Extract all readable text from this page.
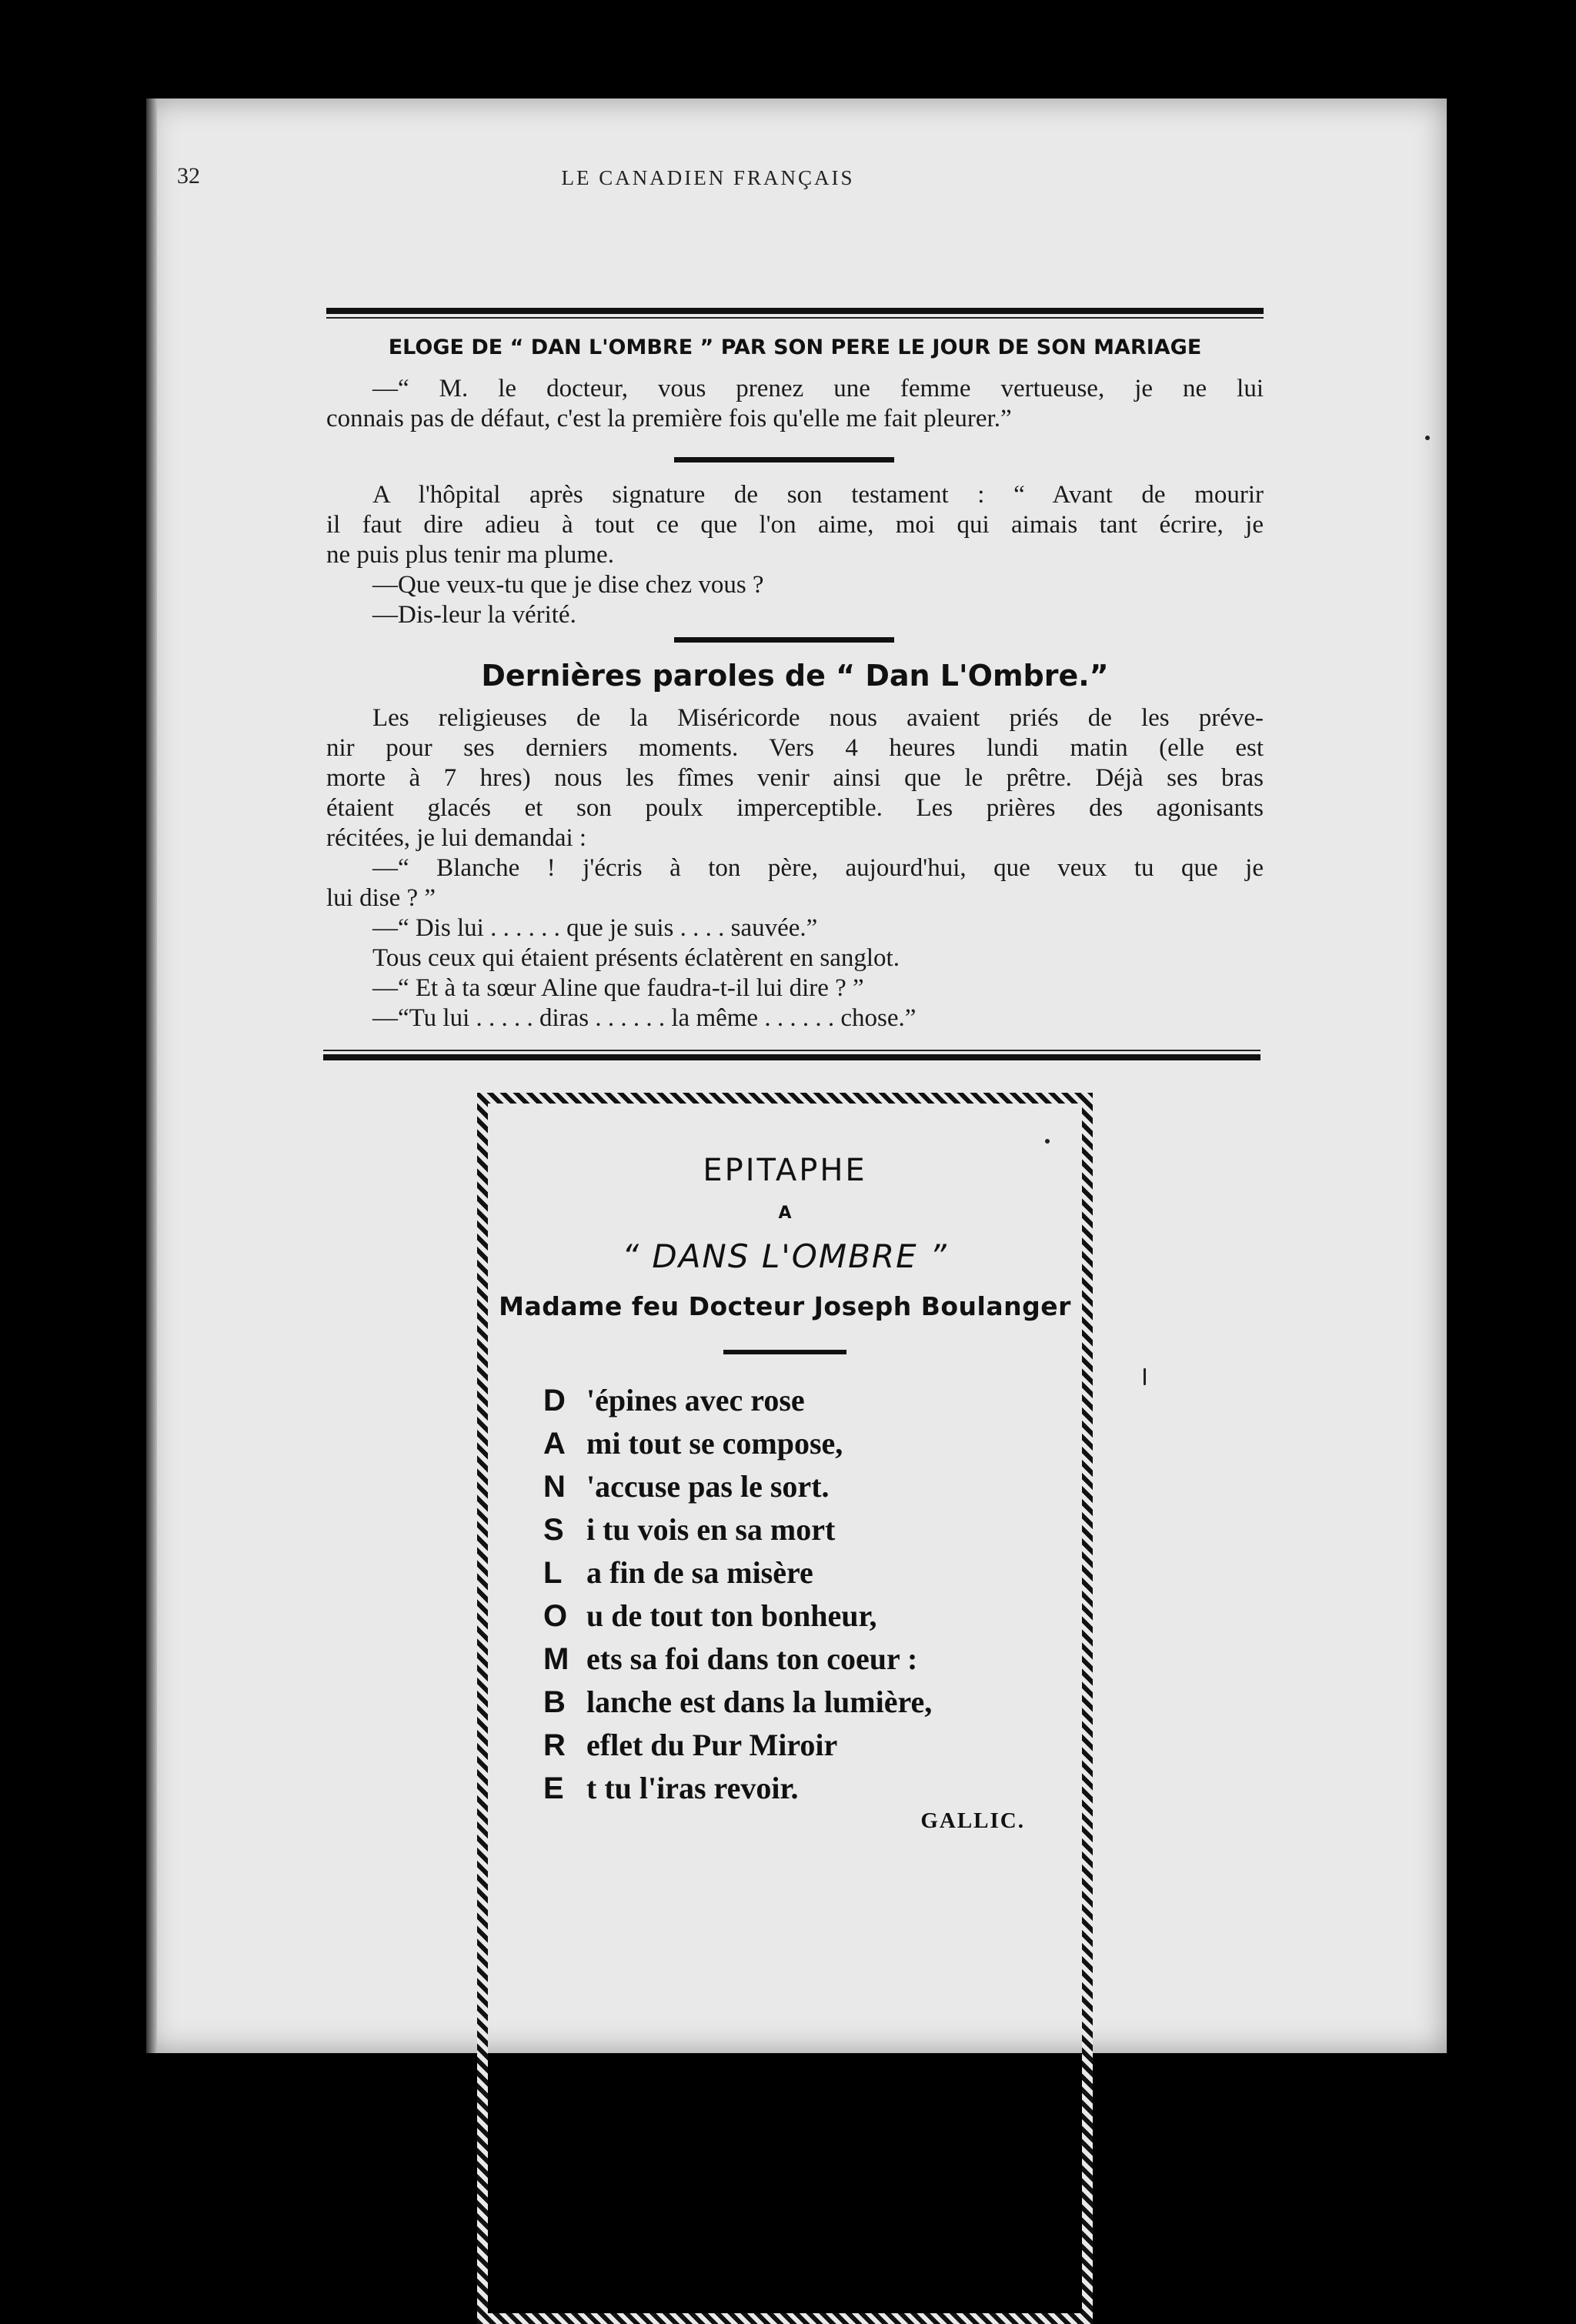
32	LE CANADIEN FRANÇAIS
ELOGE DE “ DAN L'OMBRE ” PAR SON PERE LE JOUR DE SON MARIAGE
—“ M. le docteur, vous prenez une femme vertueuse, je ne lui
connais pas de défaut, c'est la première fois qu'elle me fait pleurer.”
A l'hôpital après signature de son testament : “ Avant de mourir
il faut dire adieu à tout ce que l'on aime, moi qui aimais tant écrire, je
ne puis plus tenir ma plume.
—Que veux-tu que je dise chez vous ?
—Dis-leur la vérité.
Dernières paroles de “ Dan L'Ombre.”
Les religieuses de la Miséricorde nous avaient priés de les préve-
nir pour ses derniers moments. Vers 4 heures lundi matin (elle est
morte à 7 hres) nous les fîmes venir ainsi que le prêtre. Déjà ses bras
étaient glacés et son poulx imperceptible. Les prières des agonisants
récitées, je lui demandai :
—“ Blanche ! j'écris à ton père, aujourd'hui, que veux tu que je
lui dise ? ”
—“ Dis lui . . . . . . que je suis . . . . sauvée.”
Tous ceux qui étaient présents éclatèrent en sanglot.
—“ Et à ta sœur Aline que faudra-t-il lui dire ? ”
—“Tu lui . . . . . diras . . . . . . la même . . . . . . chose.”
EPITAPHE
A
“ DANS L'OMBRE ”
Madame feu Docteur Joseph Boulanger
D 'épines avec rose
A mi tout se compose,
N 'accuse pas le sort.
S i tu vois en sa mort
L a fin de sa misère
O u de tout ton bonheur,
M ets sa foi dans ton coeur :
B lanche est dans la lumière,
R eflet du Pur Miroir
E t tu l'iras revoir.
GALLIC.
